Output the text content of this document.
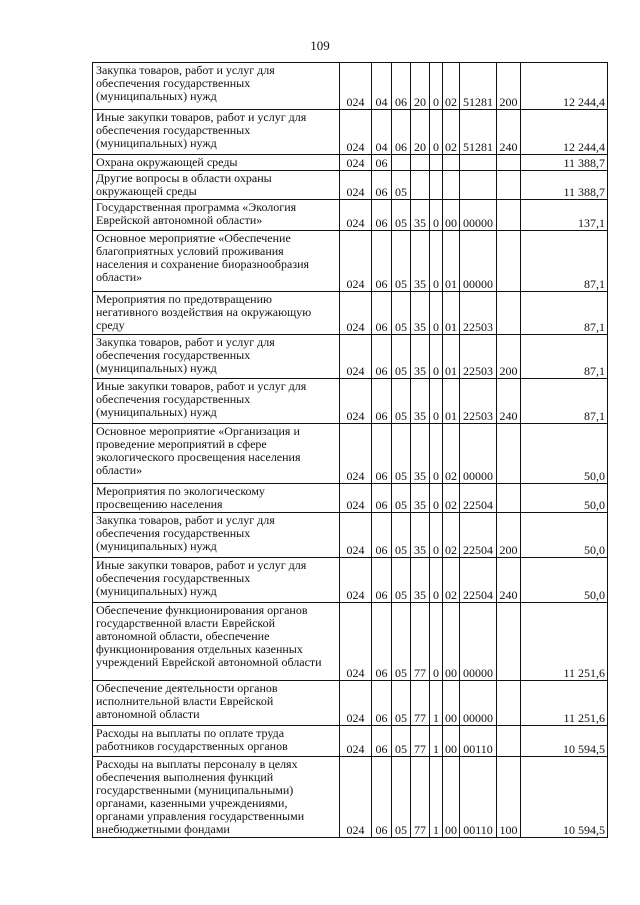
109
Закупка товаров, работ и услуг для обеспечения государственных (муниципальных) нужд	024	04	06	20	0	02	51281	200	12 244,4
Иные закупки товаров, работ и услуг для обеспечения государственных (муниципальных) нужд	024	04	06	20	0	02	51281	240	12 244,4
Охрана окружающей среды	024	06							11 388,7
Другие вопросы в области охраны окружающей среды	024	06	05						11 388,7
Государственная программа «Экология Еврейской автономной области»	024	06	05	35	0	00	00000		137,1
Основное мероприятие «Обеспечение благоприятных условий проживания населения и сохранение биоразнообразия области»	024	06	05	35	0	01	00000		87,1
Мероприятия по предотвращению негативного воздействия на окружающую среду	024	06	05	35	0	01	22503		87,1
Закупка товаров, работ и услуг для обеспечения государственных (муниципальных) нужд	024	06	05	35	0	01	22503	200	87,1
Иные закупки товаров, работ и услуг для обеспечения государственных (муниципальных) нужд	024	06	05	35	0	01	22503	240	87,1
Основное мероприятие «Организация и проведение мероприятий в сфере экологического просвещения населения области»	024	06	05	35	0	02	00000		50,0
Мероприятия по экологическому просвещению населения	024	06	05	35	0	02	22504		50,0
Закупка товаров, работ и услуг для обеспечения государственных (муниципальных) нужд	024	06	05	35	0	02	22504	200	50,0
Иные закупки товаров, работ и услуг для обеспечения государственных (муниципальных) нужд	024	06	05	35	0	02	22504	240	50,0
Обеспечение функционирования органов государственной власти Еврейской автономной области, обеспечение функционирования отдельных казенных учреждений Еврейской автономной области	024	06	05	77	0	00	00000		11 251,6
Обеспечение деятельности органов исполнительной власти Еврейской автономной области	024	06	05	77	1	00	00000		11 251,6
Расходы на выплаты по оплате труда работников государственных органов	024	06	05	77	1	00	00110		10 594,5
Расходы на выплаты персоналу в целях обеспечения выполнения функций государственными (муниципальными) органами, казенными учреждениями, органами управления государственными внебюджетными фондами	024	06	05	77	1	00	00110	100	10 594,5
